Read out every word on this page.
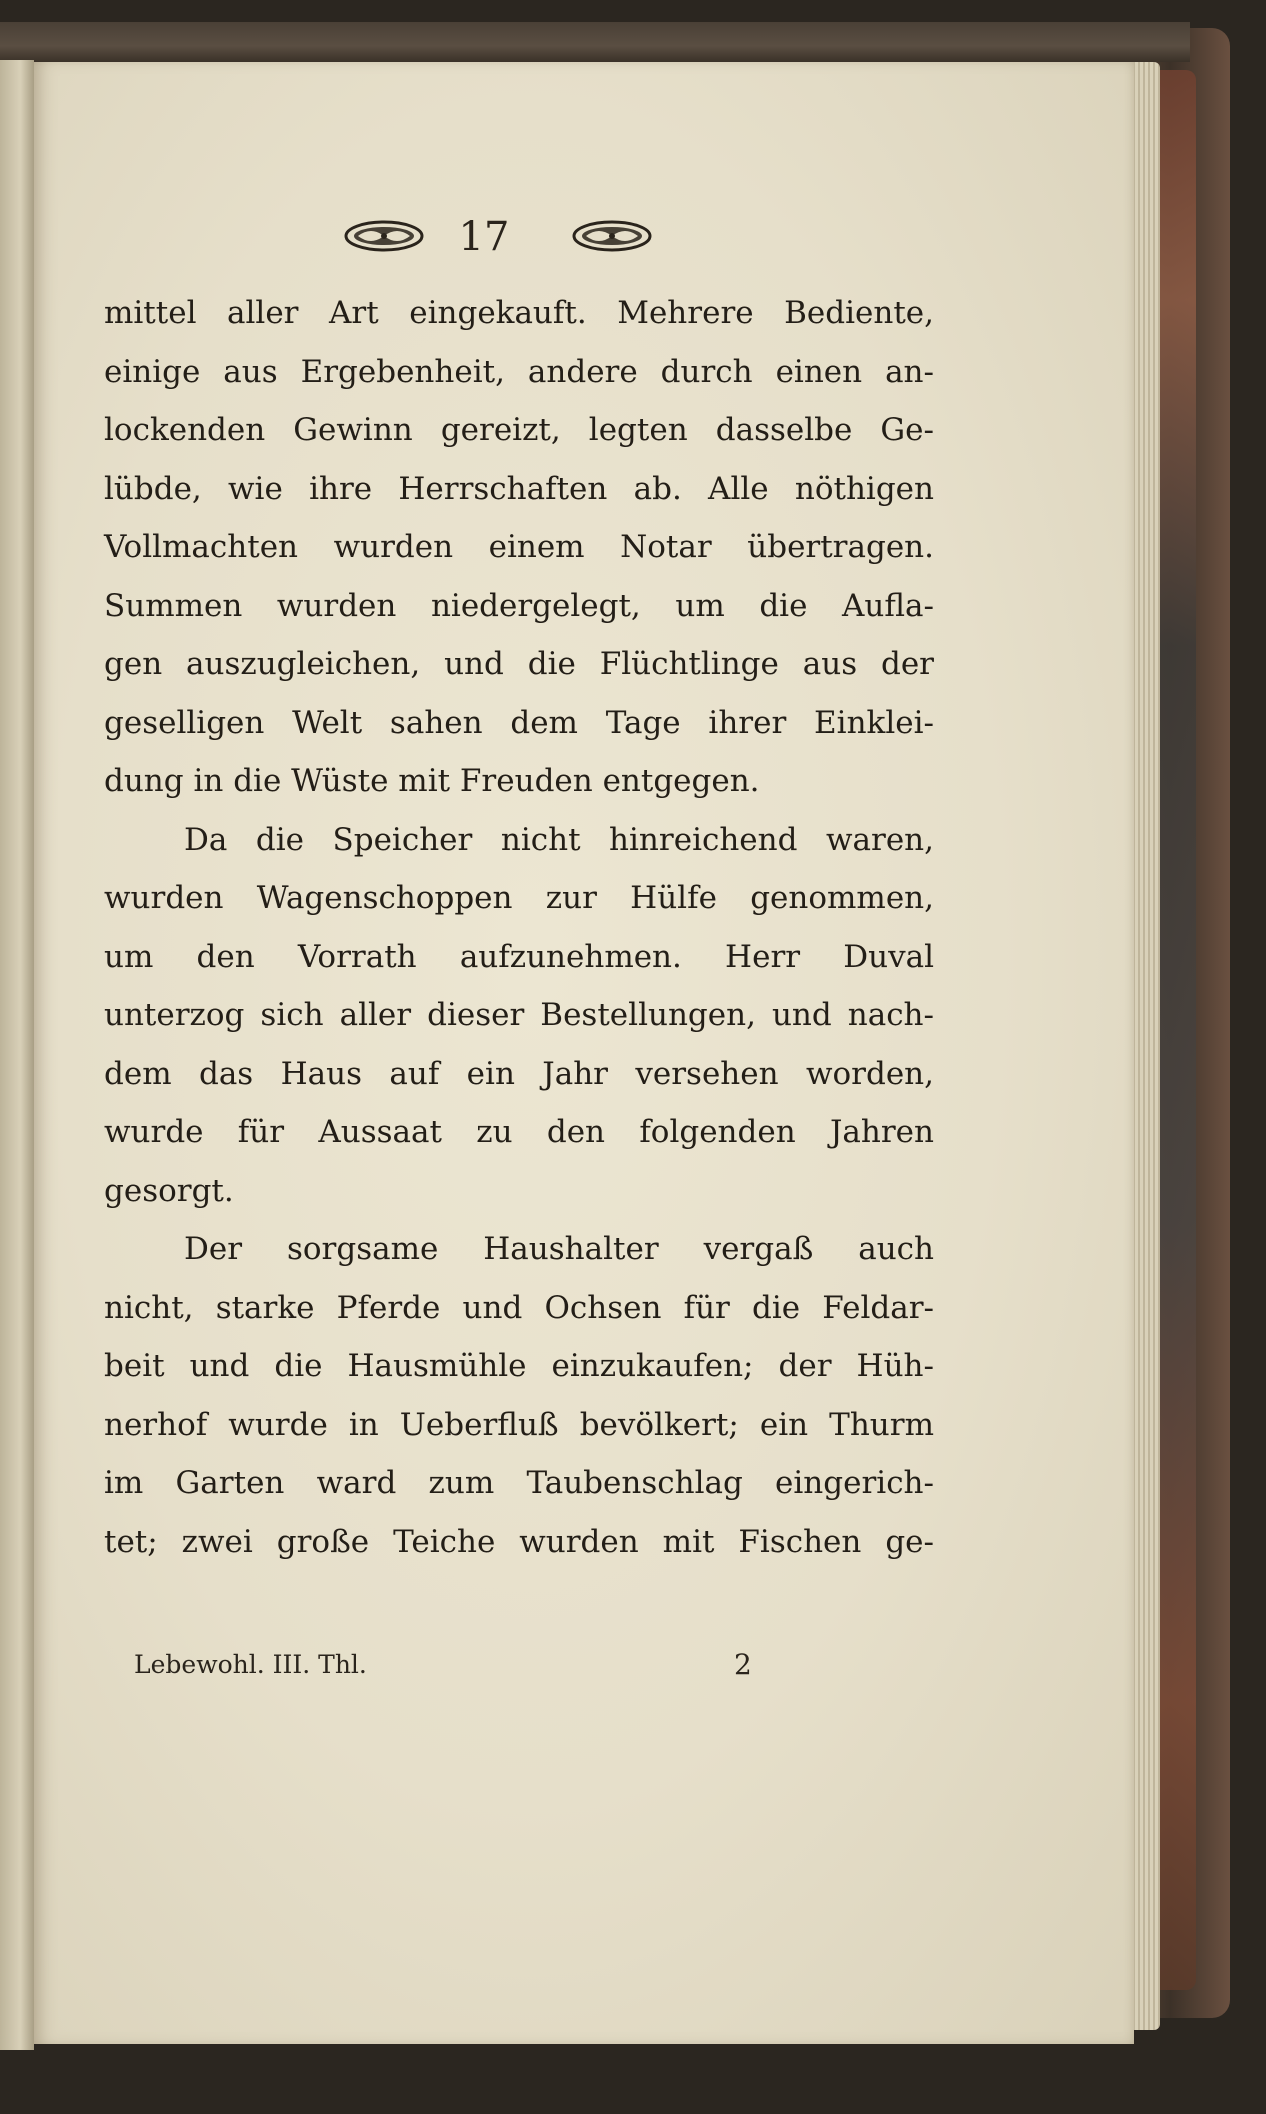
17
mittel aller Art eingekauft. Mehrere Bediente,
einige aus Ergebenheit, andere durch einen an-
lockenden Gewinn gereizt, legten dasselbe Ge-
lübde, wie ihre Herrschaften ab. Alle nöthigen
Vollmachten wurden einem Notar übertragen.
Summen wurden niedergelegt, um die Aufla-
gen auszugleichen, und die Flüchtlinge aus der
geselligen Welt sahen dem Tage ihrer Einklei-
dung in die Wüste mit Freuden entgegen.
Da die Speicher nicht hinreichend waren,
wurden Wagenschoppen zur Hülfe genommen,
um den Vorrath aufzunehmen. Herr Duval
unterzog sich aller dieser Bestellungen, und nach-
dem das Haus auf ein Jahr versehen worden,
wurde für Aussaat zu den folgenden Jahren
gesorgt.
Der sorgsame Haushalter vergaß auch
nicht, starke Pferde und Ochsen für die Feldar-
beit und die Hausmühle einzukaufen; der Hüh-
nerhof wurde in Ueberfluß bevölkert; ein Thurm
im Garten ward zum Taubenschlag eingerich-
tet; zwei große Teiche wurden mit Fischen ge-
Lebewohl. III. Thl.	2
